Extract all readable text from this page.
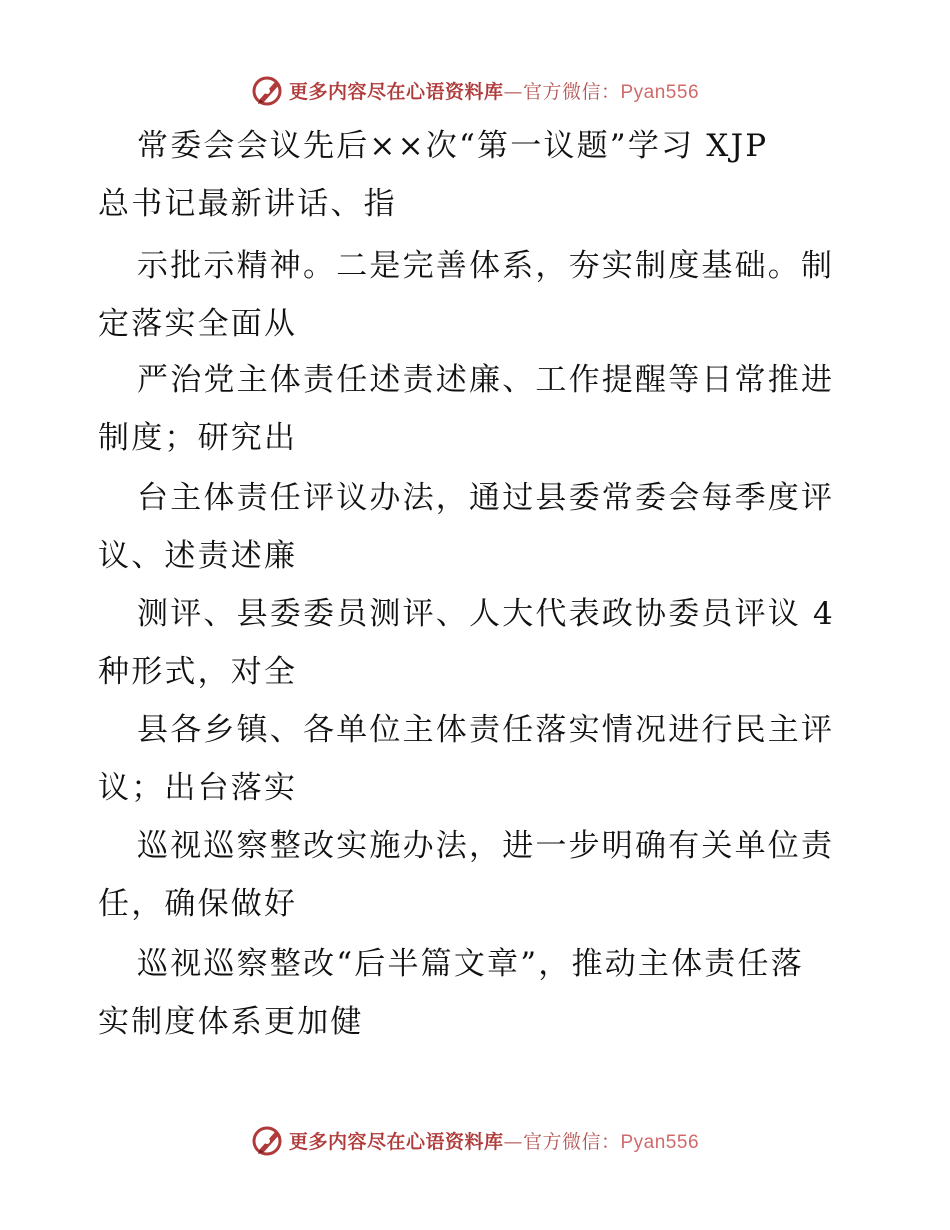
更多内容尽在心语资料库—官方微信：Pyan556
常委会会议先后××次“第一议题”学习 XJP
总书记最新讲话、指
示批示精神。二是完善体系，夯实制度基础。制
定落实全面从
严治党主体责任述责述廉、工作提醒等日常推进
制度；研究出
台主体责任评议办法，通过县委常委会每季度评
议、述责述廉
测评、县委委员测评、人大代表政协委员评议 4
种形式，对全
县各乡镇、各单位主体责任落实情况进行民主评
议；出台落实
巡视巡察整改实施办法，进一步明确有关单位责
任，确保做好
巡视巡察整改“后半篇文章”，推动主体责任落
实制度体系更加健
更多内容尽在心语资料库—官方微信：Pyan556
